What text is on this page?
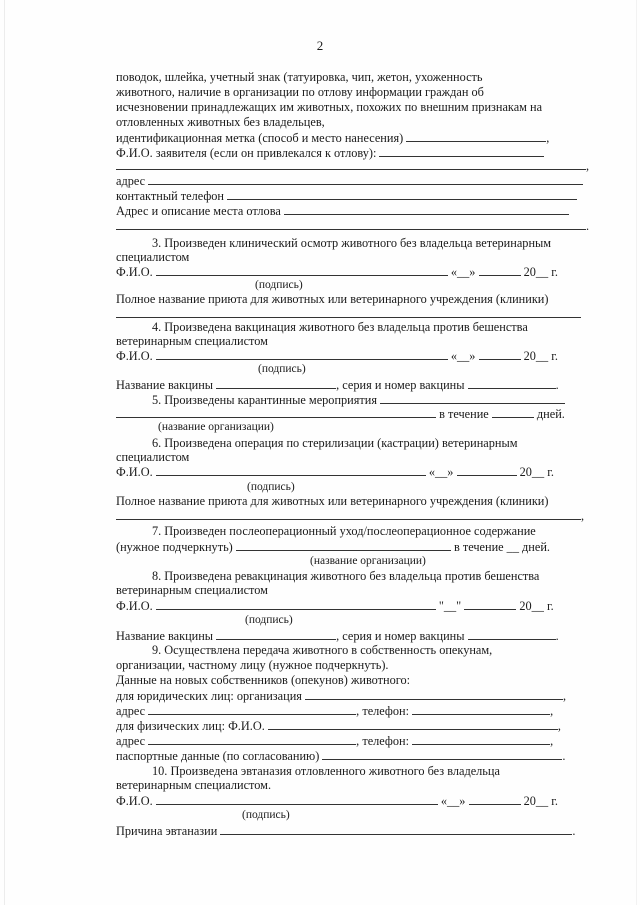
2
поводок, шлейка, учетный знак (татуировка, чип, жетон, ухоженность
животного, наличие в организации по отлову информации граждан об
исчезновении принадлежащих им животных, похожих по внешним признакам на
отловленных животных без владельцев,
идентификационная метка (способ и место нанесения)	,
Ф.И.О. заявителя (если он привлекался к отлову):
,
адрес
контактный телефон
Адрес и описание места отлова
.
3. Произведен клинический осмотр животного без владельца ветеринарным
специалистом
Ф.И.О.	«__»	20__ г.
(подпись)
Полное название приюта для животных или ветеринарного учреждения (клиники)
4. Произведена вакцинация животного без владельца против бешенства
ветеринарным специалистом
Ф.И.О.	«__»	20__ г.
(подпись)
Название вакцины	, серия и номер вакцины	.
5. Произведены карантинные мероприятия
в течение	дней.
(название организации)
6. Произведена операция по стерилизации (кастрации) ветеринарным
специалистом
Ф.И.О.	«__»	20__ г.
(подпись)
Полное название приюта для животных или ветеринарного учреждения (клиники)
,
7. Произведен послеоперационный уход/послеоперационное содержание
(нужное подчеркнуть)	в течение __ дней.
(название организации)
8. Произведена ревакцинация животного без владельца против бешенства
ветеринарным специалистом
Ф.И.О.	"__"	20__ г.
(подпись)
Название вакцины	, серия и номер вакцины	.
9. Осуществлена передача животного в собственность опекунам,
организации, частному лицу (нужное подчеркнуть).
Данные на новых собственников (опекунов) животного:
для юридических лиц: организация	,
адрес	, телефон:	,
для физических лиц: Ф.И.О.	,
адрес	, телефон:	,
паспортные данные (по согласованию)	.
10. Произведена эвтаназия отловленного животного без владельца
ветеринарным специалистом.
Ф.И.О.	«__»	20__ г.
(подпись)
Причина эвтаназии	.
